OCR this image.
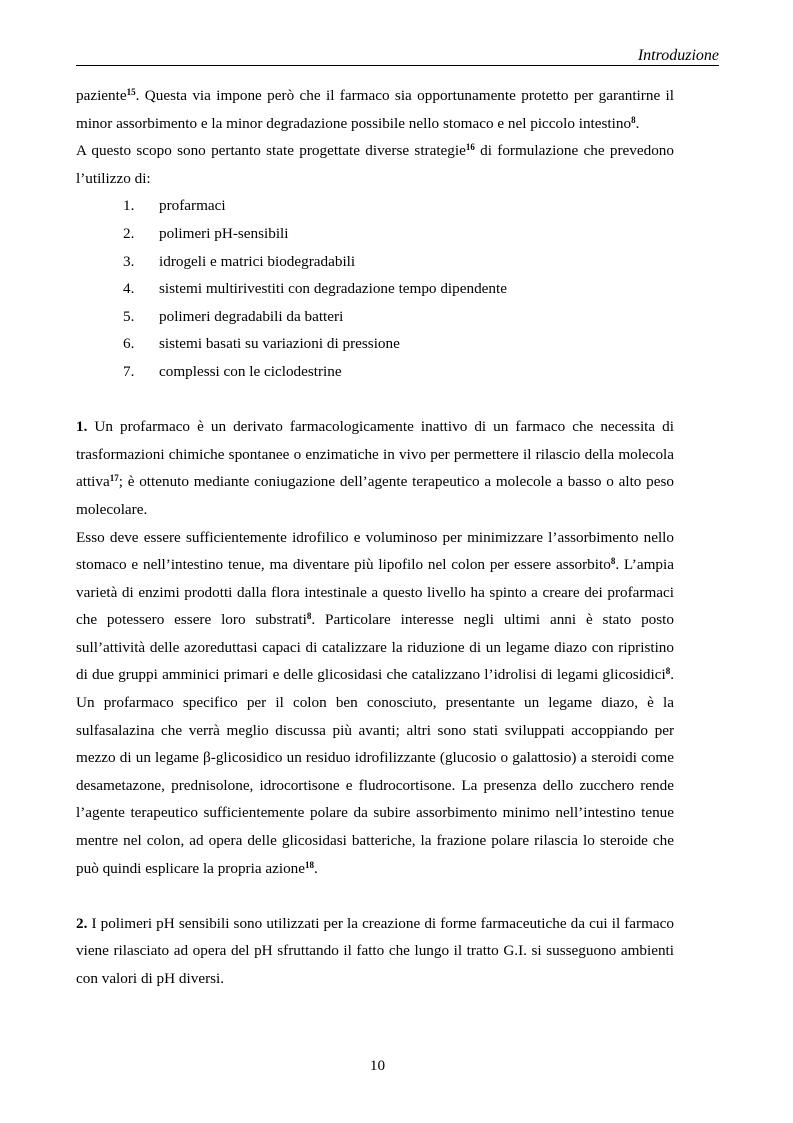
Introduzione

paziente$^{15}$. Questa via impone però che il farmaco sia opportunamente protetto per garantirne il minor assorbimento e la minor degradazione possibile nello stomaco e nel piccolo intestino$^8$.

A questo scopo sono pertanto state progettate diverse strategie$^{16}$ di formulazione che prevedono l’utilizzo di:

1. profarmaci
2. polimeri pH-sensibili
3. idrogeli e matrici biodegradabili
4. sistemi multirivestiti con degradazione tempo dipendente
5. polimeri degradabili da batteri
6. sistemi basati su variazioni di pressione
7. complessi con le ciclodestrine

1. Un profarmaco è un derivato farmacologicamente inattivo di un farmaco che necessita di trasformazioni chimiche spontanee o enzimatiche in vivo per permettere il rilascio della molecola attiva$^{17}$; è ottenuto mediante coniugazione dell’agente terapeutico a molecole a basso o alto peso molecolare.

Esso deve essere sufficientemente idrofilico e voluminoso per minimizzare l’assorbimento nello stomaco e nell’intestino tenue, ma diventare più lipofilo nel colon per essere assorbito$^8$. L’ampia varietà di enzimi prodotti dalla flora intestinale a questo livello ha spinto a creare dei profarmaci che potessero essere loro substrati$^8$. Particolare interesse negli ultimi anni è stato posto sull’attività delle azoreduttasi capaci di catalizzare la riduzione di un legame diazo con ripristino di due gruppi amminici primari e delle glicosidasi che catalizzano l’idrolisi di legami glicosidici$^8$. Un profarmaco specifico per il colon ben conosciuto, presentante un legame diazo, è la sulfasalazina che verrà meglio discussa più avanti; altri sono stati sviluppati accoppiando per mezzo di un legame β-glicosidico un residuo idrofilizzante (glucosio o galattosio) a steroidi come desametazone, prednisolone, idrocortisone e fludrocortisone. La presenza dello zucchero rende l’agente terapeutico sufficientemente polare da subire assorbimento minimo nell’intestino tenue mentre nel colon, ad opera delle glicosidasi batteriche, la frazione polare rilascia lo steroide che può quindi esplicare la propria azione$^{18}$.

2. I polimeri pH sensibili sono utilizzati per la creazione di forme farmaceutiche da cui il farmaco viene rilasciato ad opera del pH sfruttando il fatto che lungo il tratto G.I. si susseguono ambienti con valori di pH diversi.

10
